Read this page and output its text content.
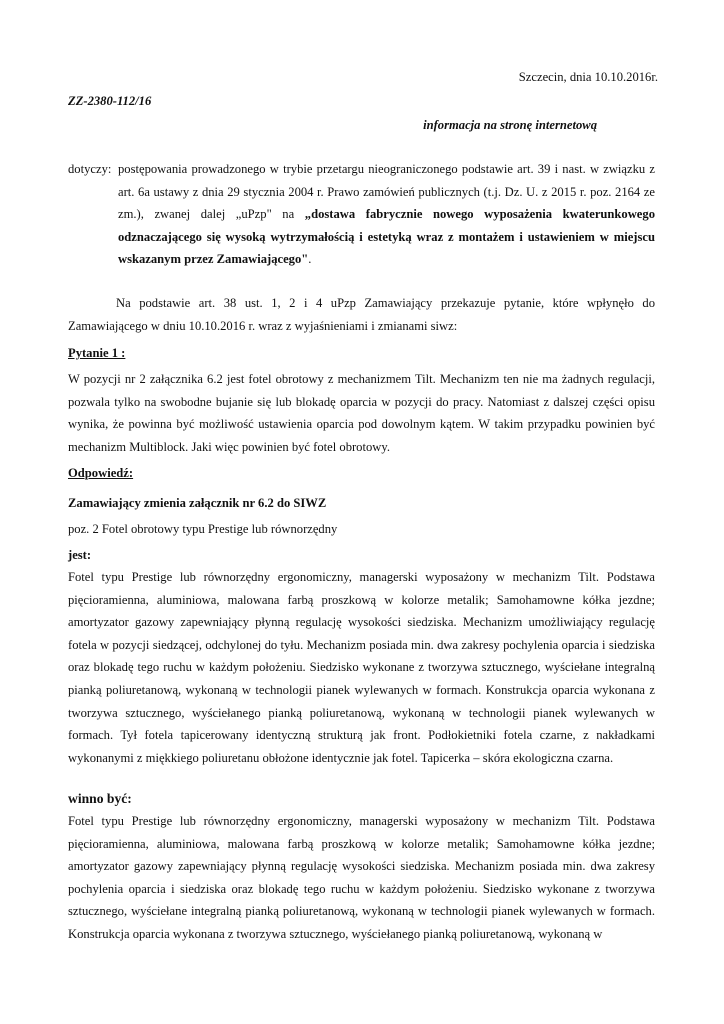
Szczecin, dnia 10.10.2016r.
ZZ-2380-112/16
informacja na stronę internetową
dotyczy: postępowania prowadzonego w trybie przetargu nieograniczonego podstawie art. 39 i nast. w związku z art. 6a ustawy z dnia 29 stycznia 2004 r. Prawo zamówień publicznych (t.j. Dz. U. z 2015 r. poz. 2164 ze zm.), zwanej dalej „uPzp" na „dostawa fabrycznie nowego wyposażenia kwaterunkowego odznaczającego się wysoką wytrzymałością i estetyką wraz z montażem i ustawieniem w miejscu wskazanym przez Zamawiającego".
Na podstawie art. 38 ust. 1, 2 i 4 uPzp Zamawiający przekazuje pytanie, które wpłynęło do Zamawiającego w dniu 10.10.2016 r. wraz z wyjaśnieniami i zmianami siwz:
Pytanie 1 :
W pozycji nr 2 załącznika 6.2 jest fotel obrotowy z mechanizmem Tilt. Mechanizm ten nie ma żadnych regulacji, pozwala tylko na swobodne bujanie się lub blokadę oparcia w pozycji do pracy. Natomiast z dalszej części opisu wynika, że powinna być możliwość ustawienia oparcia pod dowolnym kątem. W takim przypadku powinien być mechanizm Multiblock. Jaki więc powinien być fotel obrotowy.
Odpowiedź:
Zamawiający zmienia załącznik nr 6.2 do SIWZ
poz. 2 Fotel obrotowy typu Prestige lub równorzędny
jest:
Fotel typu Prestige lub równorzędny ergonomiczny, managerski wyposażony w mechanizm Tilt. Podstawa pięcioramienna, aluminiowa, malowana farbą proszkową w kolorze metalik; Samohamowne kółka jezdne; amortyzator gazowy zapewniający płynną regulację wysokości siedziska. Mechanizm umożliwiający regulację fotela w pozycji siedzącej, odchylonej do tyłu. Mechanizm posiada min. dwa zakresy pochylenia oparcia i siedziska oraz blokadę tego ruchu w każdym położeniu. Siedzisko wykonane z tworzywa sztucznego, wyściełane integralną pianką poliuretanową, wykonaną w technologii pianek wylewanych w formach. Konstrukcja oparcia wykonana z tworzywa sztucznego, wyściełanego pianką poliuretanową, wykonaną w technologii pianek wylewanych w formach. Tył fotela tapicerowany identyczną strukturą jak front. Podłokietniki fotela czarne, z nakładkami wykonanymi z miękkiego poliuretanu obłożone identycznie jak fotel. Tapicerka – skóra ekologiczna czarna.
winno być:
Fotel typu Prestige lub równorzędny ergonomiczny, managerski wyposażony w mechanizm Tilt. Podstawa pięcioramienna, aluminiowa, malowana farbą proszkową w kolorze metalik; Samohamowne kółka jezdne; amortyzator gazowy zapewniający płynną regulację wysokości siedziska. Mechanizm posiada min. dwa zakresy pochylenia oparcia i siedziska oraz blokadę tego ruchu w każdym położeniu. Siedzisko wykonane z tworzywa sztucznego, wyściełane integralną pianką poliuretanową, wykonaną w technologii pianek wylewanych w formach. Konstrukcja oparcia wykonana z tworzywa sztucznego, wyściełanego pianką poliuretanową, wykonaną w
